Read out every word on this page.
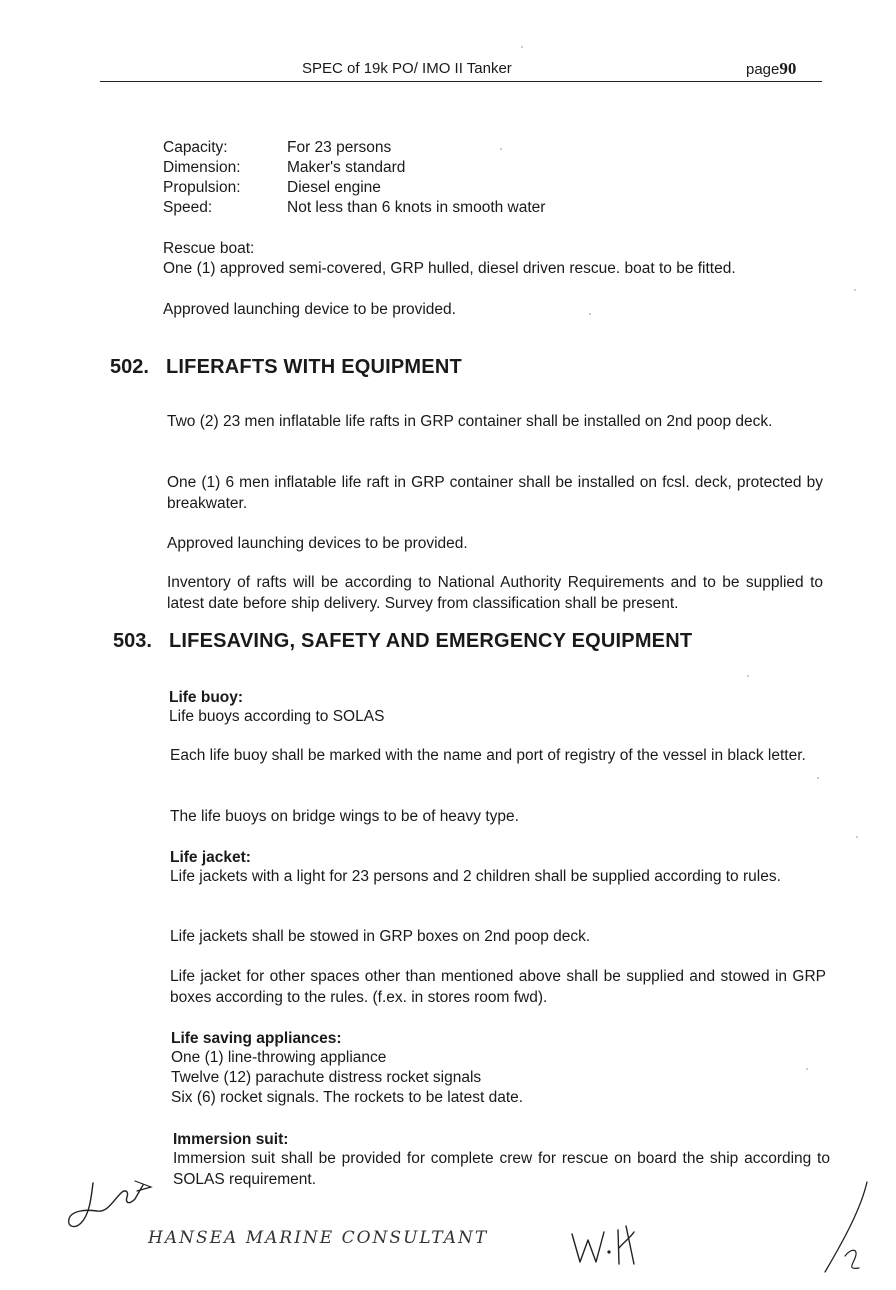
SPEC of 19k PO/ IMO II Tanker	page90
Capacity:	For 23 persons
Dimension:	Maker's standard
Propulsion:	Diesel engine
Speed:	Not less than 6 knots in smooth water
Rescue boat:
One (1) approved semi-covered, GRP hulled, diesel driven rescue. boat to be fitted.
Approved launching device to be provided.
502. LIFERAFTS WITH EQUIPMENT
Two (2) 23 men inflatable life rafts in GRP container shall be installed on 2nd poop deck.
One (1) 6 men inflatable life raft in GRP container shall be installed on fcsl. deck, protected by breakwater.
Approved launching devices to be provided.
Inventory of rafts will be according to National Authority Requirements and to be supplied to latest date before ship delivery. Survey from classification shall be present.
503. LIFESAVING, SAFETY AND EMERGENCY EQUIPMENT
Life buoy:
Life buoys according to SOLAS
Each life buoy shall be marked with the name and port of registry of the vessel in black letter.
The life buoys on bridge wings to be of heavy type.
Life jacket:
Life jackets with a light for 23 persons and 2 children shall be supplied according to rules.
Life jackets shall be stowed in GRP boxes on 2nd poop deck.
Life jacket for other spaces other than mentioned above shall be supplied and stowed in GRP boxes according to the rules. (f.ex. in stores room fwd).
Life saving appliances:
One (1) line-throwing appliance
Twelve (12) parachute distress rocket signals
Six (6) rocket signals. The rockets to be latest date.
Immersion suit:
Immersion suit shall be provided for complete crew for rescue on board the ship according to SOLAS requirement.
HANSEA MARINE CONSULTANT
